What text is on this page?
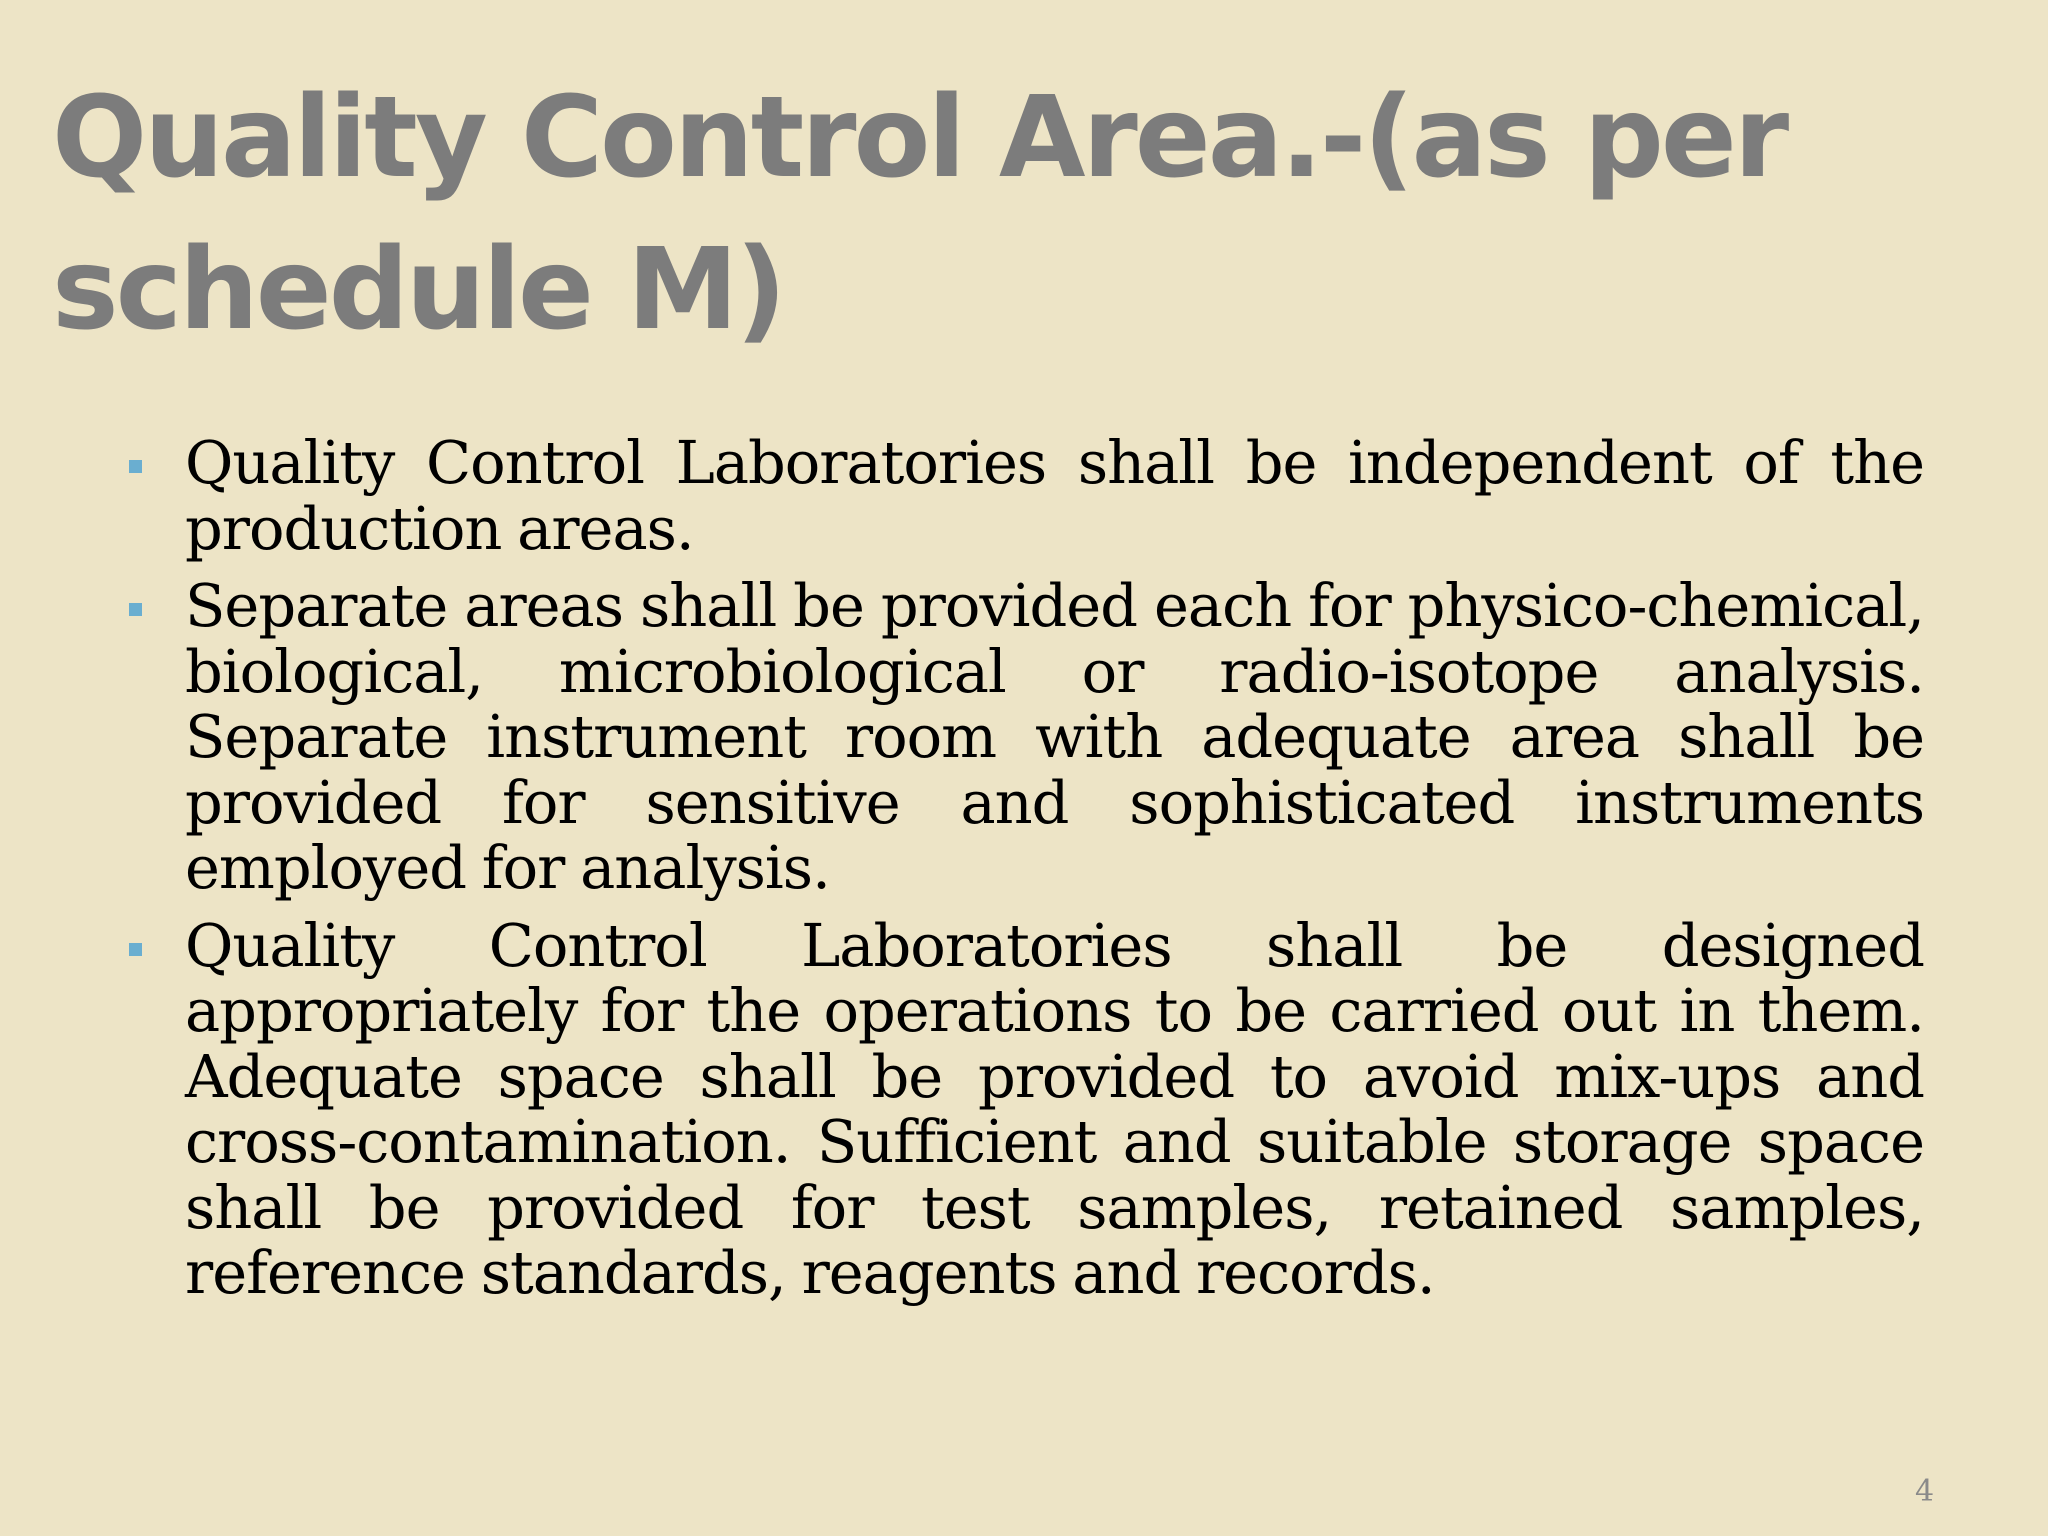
Quality Control Area.-(as per schedule M)
Quality Control Laboratories shall be independent of the production areas.
Separate areas shall be provided each for physico-chemical, biological, microbiological or radio-isotope analysis. Separate instrument room with adequate area shall be provided for sensitive and sophisticated instruments employed for analysis.
Quality Control Laboratories shall be designed appropriately for the operations to be carried out in them. Adequate space shall be provided to avoid mix-ups and cross-contamination. Sufficient and suitable storage space shall be provided for test samples, retained samples, reference standards, reagents and records.
4
